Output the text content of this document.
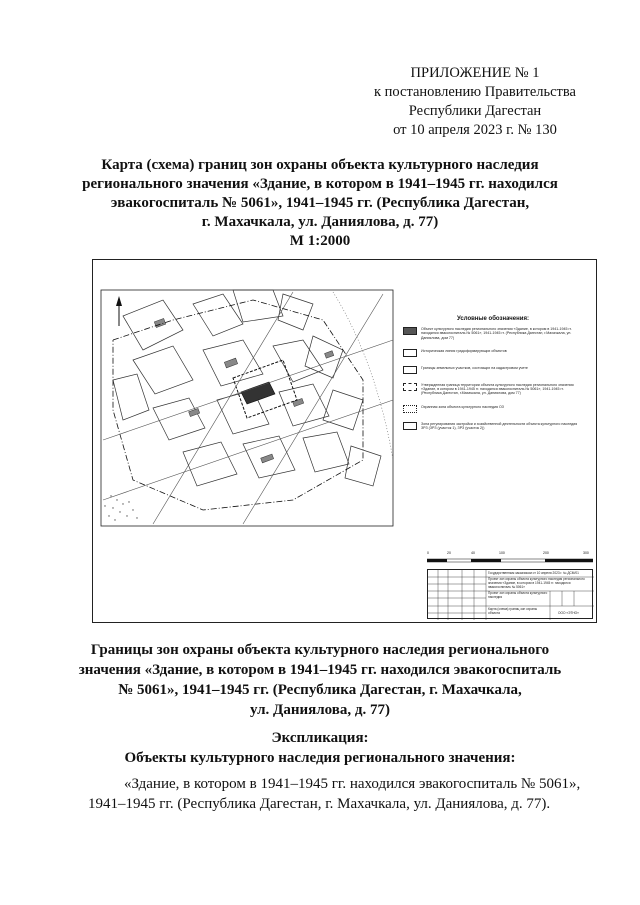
ПРИЛОЖЕНИЕ № 1
к постановлению Правительства
Республики Дагестан
от 10 апреля 2023 г. № 130
Карта (схема) границ зон охраны объекта культурного наследия
регионального значения «Здание, в котором в 1941–1945 гг. находился
эвакогоспиталь № 5061», 1941–1945 гг. (Республика Дагестан,
г. Махачкала, ул. Даниялова, д. 77)
М 1:2000
Условные обозначения:
Объект культурного наследия регионального значения «Здание, в котором в 1941-1945 гг. находился эвакогоспиталь № 5061», 1941-1945 гг. (Республика Дагестан, г.Махачкала, ул. Даниялова, дом 77)
Историческая линия градоформирующих объектов
Границы земельных участков, состоящих на кадастровом учете
Утвержденная граница территории объекта культурного наследия регионального значения «Здание, в котором в 1941-1945 гг. находился эвакогоспиталь № 5061», 1941-1945 гг. (Республика Дагестан, г.Махачкала, ул. Даниялова, дом 77)
Охранная зона объекта культурного наследия ОЗ
Зона регулирования застройки и хозяйственной деятельности объекта культурного наследия ЗРЗ (ЗРЗ (участок 1), ЗРЗ (участок 2))
0	20	40	100	200	300
Государственным заказчиком от 10 апреля 2023 г. № ДСМ/01
Проект зон охраны объекта культурного наследия регионального значения «Здание, в котором в 1941-1945 гг. находился эвакогоспиталь № 5061»
Проект зон охраны объекта культурного наследия
Карта (схема) границ зон охраны объекта	ООО «ЭТНО»
Границы зон охраны объекта культурного наследия регионального
значения «Здание, в котором в 1941–1945 гг. находился эвакогоспиталь
№ 5061», 1941–1945 гг. (Республика Дагестан, г. Махачкала,
ул. Даниялова, д. 77)
Экспликация:
Объекты культурного наследия регионального значения:
«Здание, в котором в 1941–1945 гг. находился эвакогоспиталь № 5061»,
1941–1945 гг. (Республика Дагестан, г. Махачкала, ул. Даниялова, д. 77).
